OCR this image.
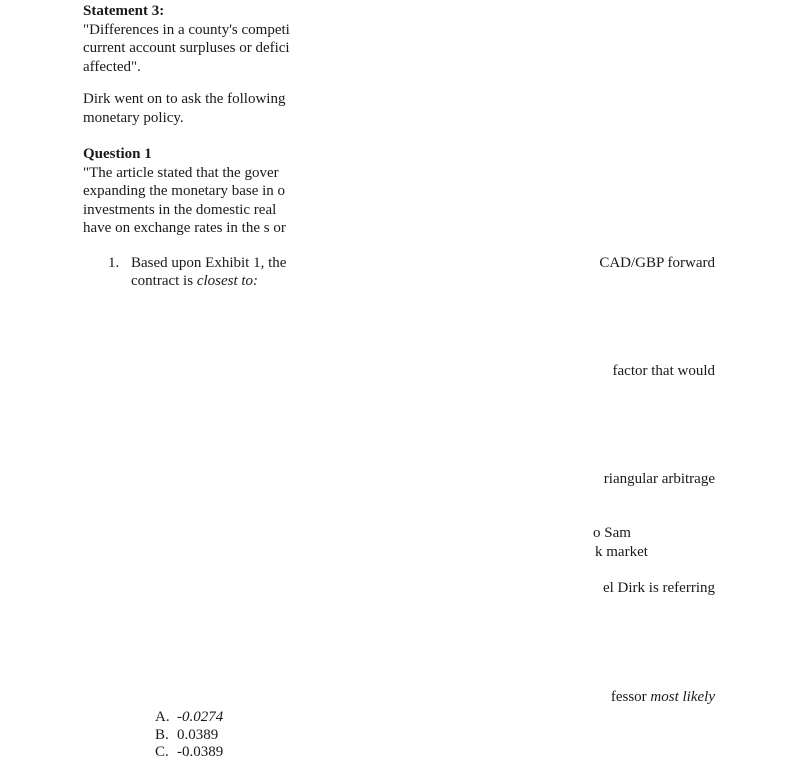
Statement 3:
"Differences in a county's competi
current account surpluses or defici
affected".
Dirk went on to ask the following
monetary policy.
Question 1
"The article stated that the gover
expanding the monetary base in o
investments in the domestic real
have on exchange rates in the s or
1. Based upon Exhibit 1, the
contract is closest to:
CAD/GBP forward
factor that would
riangular arbitrage
o Sam
k market
el Dirk is referring
fessor most likely
A. -0.0274
B. 0.0389
C. -0.0389
